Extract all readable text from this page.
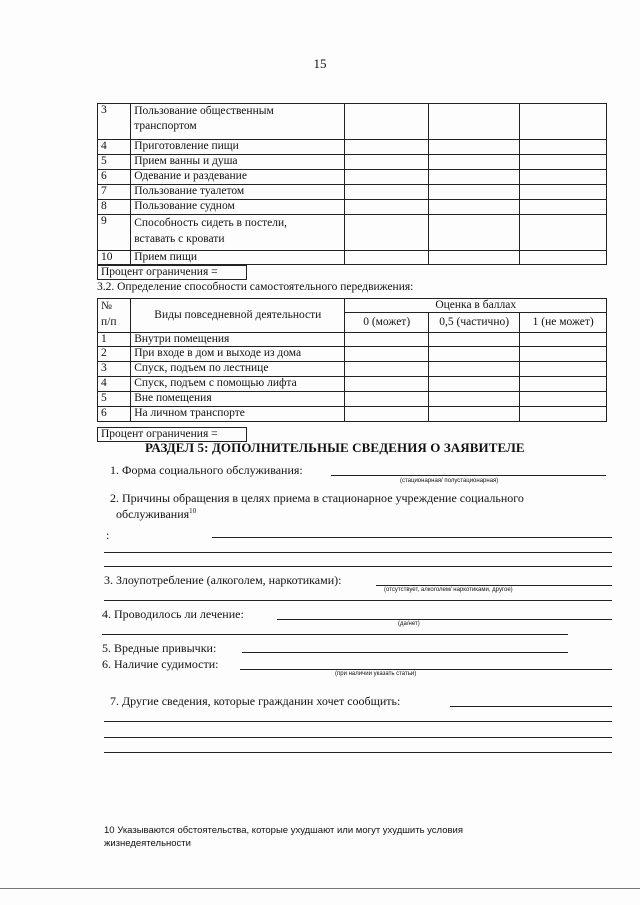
15
3	Пользование общественным
транспортом			

4	Приготовление пищи			
5	Прием ванны и душа			
6	Одевание и раздевание			
7	Пользование туалетом			
8	Пользование судном			
9	Способность сидеть в постели,
вставать с кровати			

10	Прием пищи			
Процент ограничения =
3.2. Определение способности самостоятельного передвижения:
№
п/п	Виды повседневной деятельности	Оценка в баллах		
		0 (может)	0,5 (частично)	1 (не может)
1	Внутри помещения			
2	При входе в дом и выходе из дома			
3	Спуск, подъем по лестнице			
4	Спуск, подъем с помощью лифта			
5	Вне помещения			
6	На личном транспорте			
Процент ограничения =
РАЗДЕЛ 5: ДОПОЛНИТЕЛЬНЫЕ СВЕДЕНИЯ О ЗАЯВИТЕЛЕ
1. Форма социального обслуживания:
(стационарная/ полустационарная)
2. Причины обращения в целях приема в стационарное учреждение социального
обслуживания$^{10}$
:
3. Злоупотребление (алкоголем, наркотиками):
(отсутствует, алкоголем/ наркотиками, другое)
4. Проводилось ли лечение:
(да/нет)
5. Вредные привычки:
6. Наличие судимости:
(при наличии указать статьи)
7. Другие сведения, которые гражданин хочет сообщить:
10 Указываются обстоятельства, которые ухудшают или могут ухудшить условия
жизнедеятельности
